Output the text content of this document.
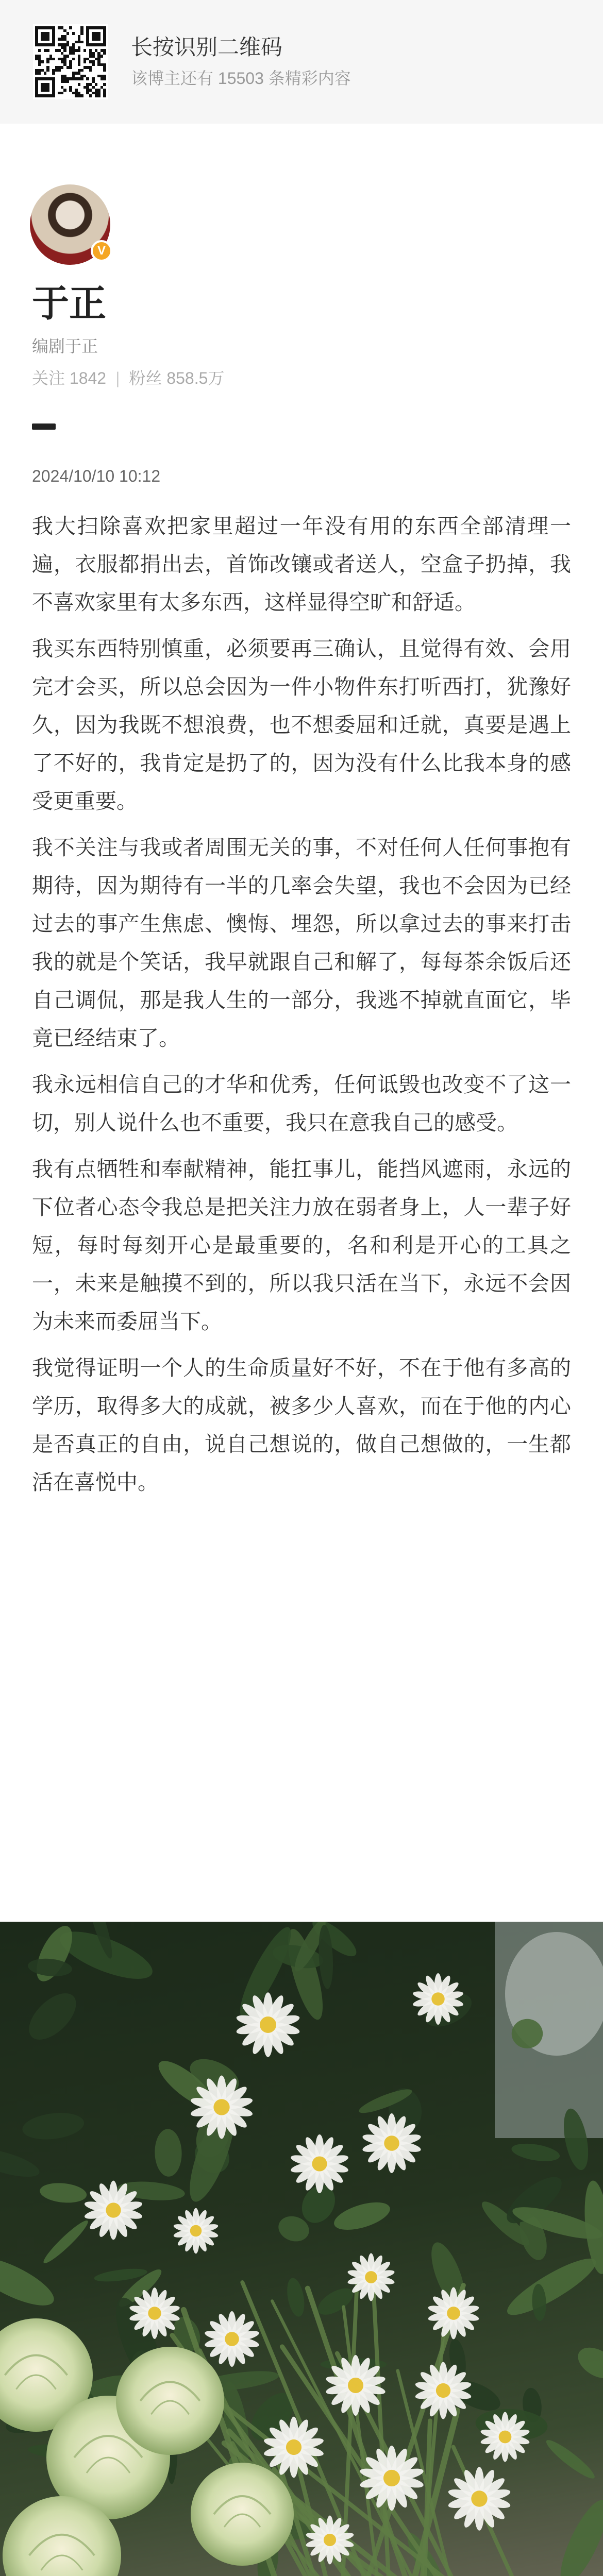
长按识别二维码
该博主还有 15503 条精彩内容
V
于正
编剧于正
关注 1842 | 粉丝 858.5万
2024/10/10 10:12

我大扫除喜欢把家里超过一年没有用的东西全部清理一遍，衣服都捐出去，首饰改镶或者送人，空盒子扔掉，我不喜欢家里有太多东西，这样显得空旷和舒适。

我买东西特别慎重，必须要再三确认，且觉得有效、会用完才会买，所以总会因为一件小物件东打听西打，犹豫好久，因为我既不想浪费，也不想委屈和迁就，真要是遇上了不好的，我肯定是扔了的，因为没有什么比我本身的感受更重要。

我不关注与我或者周围无关的事，不对任何人任何事抱有期待，因为期待有一半的几率会失望，我也不会因为已经过去的事产生焦虑、懊悔、埋怨，所以拿过去的事来打击我的就是个笑话，我早就跟自己和解了，每每茶余饭后还自己调侃，那是我人生的一部分，我逃不掉就直面它，毕竟已经结束了。

我永远相信自己的才华和优秀，任何诋毁也改变不了这一切，别人说什么也不重要，我只在意我自己的感受。

我有点牺牲和奉献精神，能扛事儿，能挡风遮雨，永远的下位者心态令我总是把关注力放在弱者身上，人一辈子好短，每时每刻开心是最重要的，名和利是开心的工具之一，未来是触摸不到的，所以我只活在当下，永远不会因为未来而委屈当下。

我觉得证明一个人的生命质量好不好，不在于他有多高的学历，取得多大的成就，被多少人喜欢，而在于他的内心是否真正的自由，说自己想说的，做自己想做的，一生都活在喜悦中。
